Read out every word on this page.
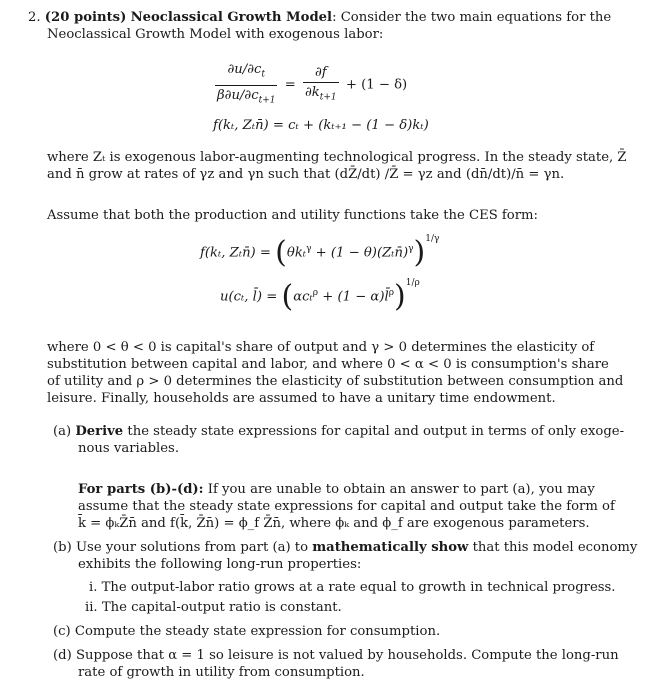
2. (20 points) Neoclassical Growth Model: Consider the two main equations for the
Neoclassical Growth Model with exogenous labor:
$\frac{\partial u/\partial c_t}{\beta\partial u/\partial c_{t+1}} = \frac{\partial f}{\partial k_{t+1}} + (1 - \delta)$
f(kₜ, Zₜn̄) = cₜ + (kₜ₊₁ − (1 − δ)kₜ)
where Zₜ is exogenous labor-augmenting technological progress. In the steady state, Z̄
and n̄ grow at rates of γz and γn such that (dZ̄/dt) /Z̄ = γz and (dn̄/dt)/n̄ = γn.
Assume that both the production and utility functions take the CES form:
f(kₜ, Zₜn̄) = (θkₜ$^\gamma$ + (1 − θ)(Zₜn̄)$^\gamma$)$^{1/\gamma}$
u(cₜ, l̄) = (αcₜ$^\rho$ + (1 − α)l̄$^\rho$)$^{1/\rho}$
where 0 < θ < 0 is capital's share of output and γ > 0 determines the elasticity of
substitution between capital and labor, and where 0 < α < 0 is consumption's share
of utility and ρ > 0 determines the elasticity of substitution between consumption and
leisure. Finally, households are assumed to have a unitary time endowment.
(a) Derive the steady state expressions for capital and output in terms of only exoge-
nous variables.
For parts (b)-(d): If you are unable to obtain an answer to part (a), you may
assume that the steady state expressions for capital and output take the form of
k̄ = ϕₖZ̄n̄ and f(k̄, Z̄n̄) = ϕ_f Z̄n̄, where ϕₖ and ϕ_f are exogenous parameters.
(b) Use your solutions from part (a) to mathematically show that this model economy
exhibits the following long-run properties:
i. The output-labor ratio grows at a rate equal to growth in technical progress.
ii. The capital-output ratio is constant.
(c) Compute the steady state expression for consumption.
(d) Suppose that α = 1 so leisure is not valued by households. Compute the long-run
rate of growth in utility from consumption.
